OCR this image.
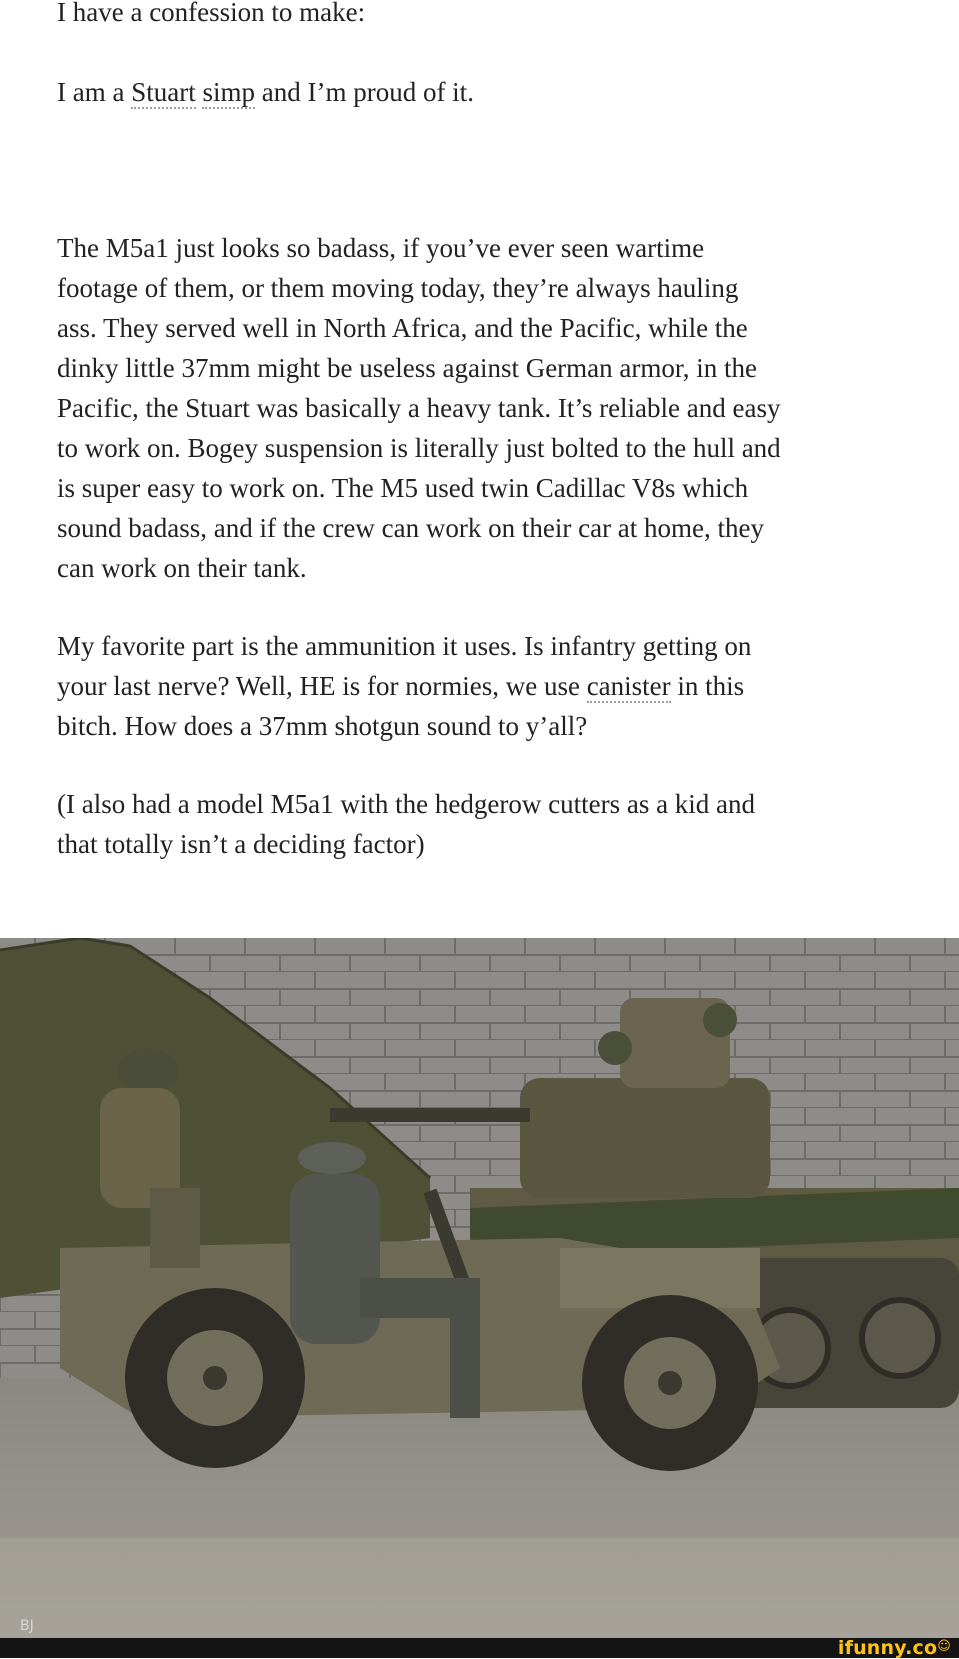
I have a confession to make:

I am a Stuart simp and I’m proud of it.

The M5a1 just looks so badass, if you’ve ever seen wartime

footage of them, or them moving today, they’re always hauling

ass. They served well in North Africa, and the Pacific, while the

dinky little 37mm might be useless against German armor, in the

Pacific, the Stuart was basically a heavy tank. It’s reliable and easy

to work on. Bogey suspension is literally just bolted to the hull and

is super easy to work on. The M5 used twin Cadillac V8s which

sound badass, and if the crew can work on their car at home, they

can work on their tank.

My favorite part is the ammunition it uses. Is infantry getting on

your last nerve? Well, HE is for normies, we use canister in this

bitch. How does a 37mm shotgun sound to y’all?

(I also had a model M5a1 with the hedgerow cutters as a kid and

that totally isn’t a deciding factor)

BJ
ifunny.co☺
